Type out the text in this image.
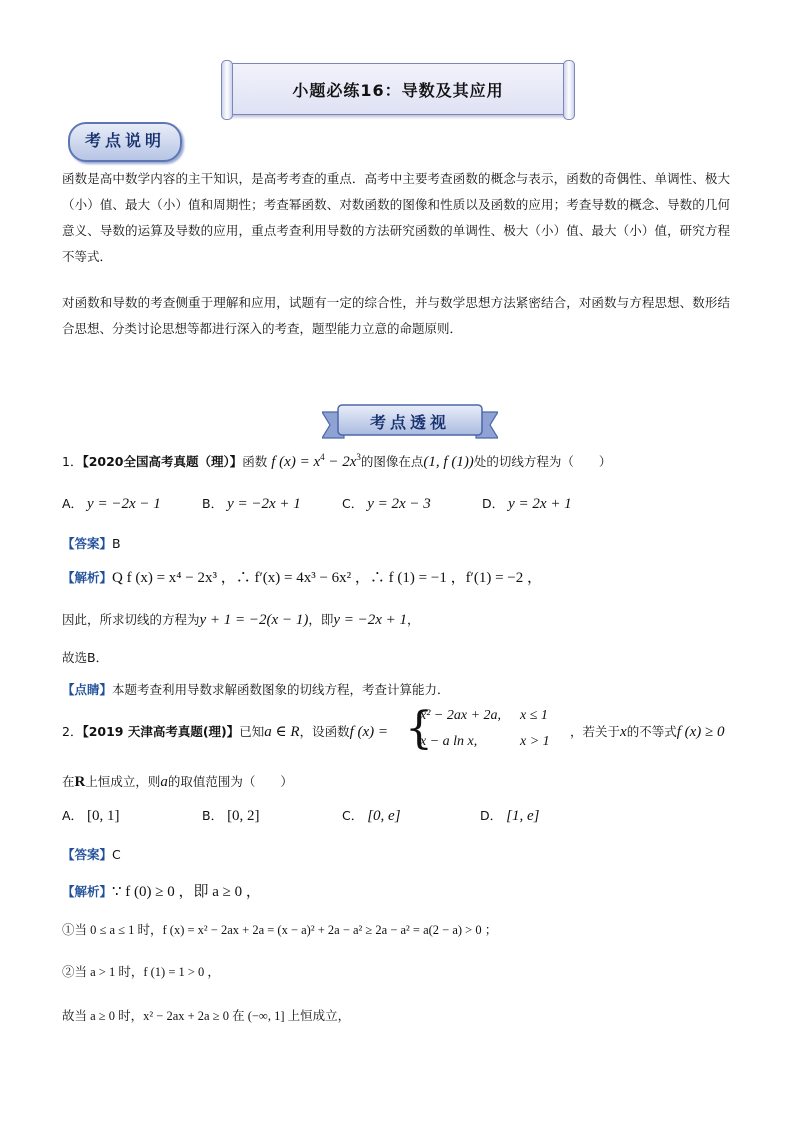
小题必练16：导数及其应用
考点说明
函数是高中数学内容的主干知识，是高考考查的重点．高考中主要考查函数的概念与表示，函数的奇偶性、单调性、极大（小）值、最大（小）值和周期性；考查幂函数、对数函数的图像和性质以及函数的应用；考查导数的概念、导数的几何意义、导数的运算及导数的应用，重点考查利用导数的方法研究函数的单调性、极大（小）值、最大（小）值，研究方程不等式．
对函数和导数的考查侧重于理解和应用，试题有一定的综合性，并与数学思想方法紧密结合，对函数与方程思想、数形结合思想、分类讨论思想等都进行深入的考查，题型能力立意的命题原则．
考点透视
1．【2020全国高考真题（理）】函数 f $(x) = x^4 - 2x^3$的图像在点(1, f (1))处的切线方程为（　　）
A． y = −2x − 1	B． y = −2x + 1	C． y = 2x − 3	D． y = 2x + 1
【答案】B
【解析】Q f (x) = x⁴ − 2x³ ，∴ f′(x) = 4x³ − 6x² ，∴ f (1) = −1 ，f′(1) = −2 ，
因此，所求切线的方程为y + 1 = −2(x − 1)，即y = −2x + 1，
故选B．
【点睛】本题考查利用导数求解函数图象的切线方程，考查计算能力．
2．【2019 天津高考真题(理)】已知a ∈ R，设函数f (x) = {
x² − 2ax + 2a, x ≤ 1
x − a ln x,	x > 1
，若关于x的不等式f (x) ≥ 0
在R上恒成立，则a的取值范围为（　　）
A． [0, 1]	B． [0, 2]	C． [0, e]	D． [1, e]
【答案】C
【解析】∵ f (0) ≥ 0 ，即 a ≥ 0 ，
①当 0 ≤ a ≤ 1 时，f (x) = x² − 2ax + 2a = (x − a)² + 2a − a² ≥ 2a − a² = a(2 − a) > 0 ；
②当 a > 1 时，f (1) = 1 > 0 ，
故当 a ≥ 0 时，x² − 2ax + 2a ≥ 0 在 (−∞, 1] 上恒成立，
